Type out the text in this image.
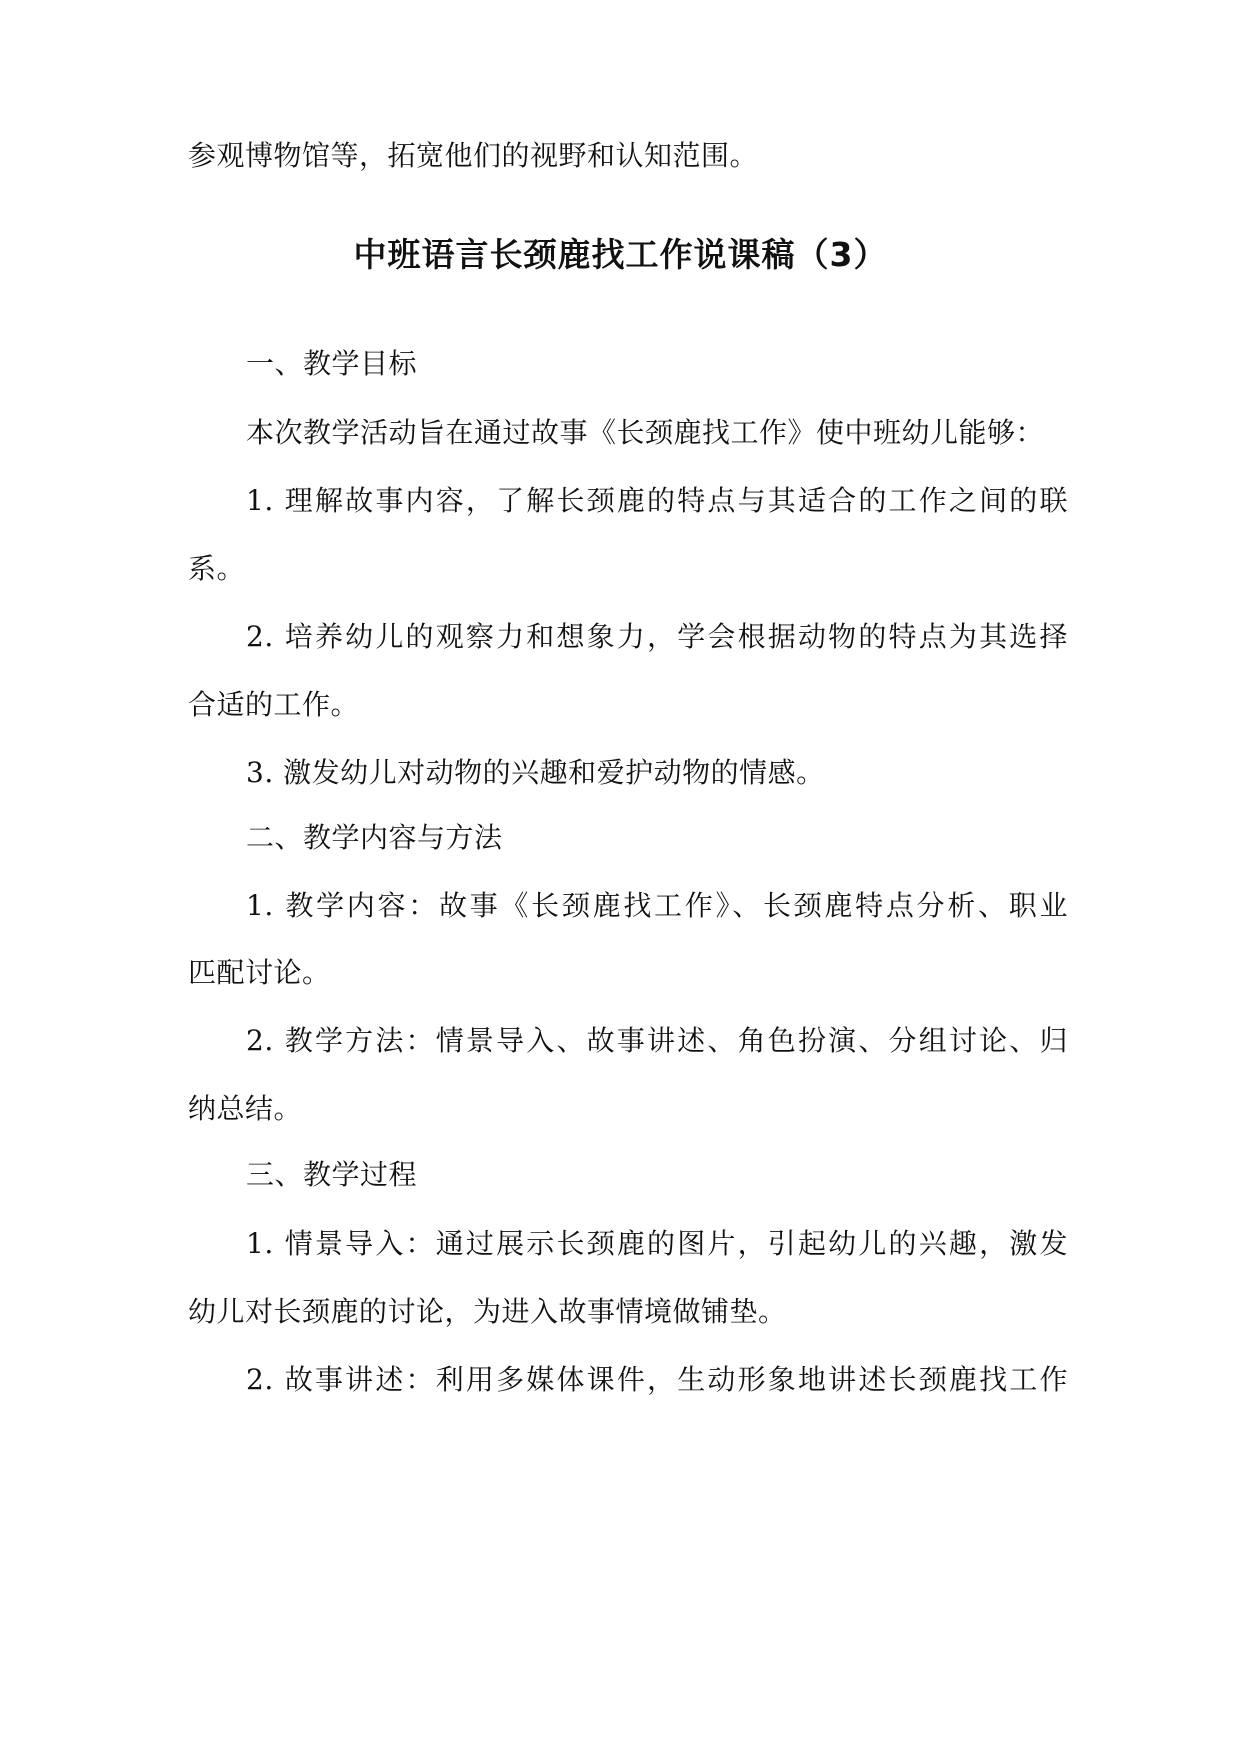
参观博物馆等，拓宽他们的视野和认知范围。
中班语言长颈鹿找工作说课稿（3）
一、教学目标
本次教学活动旨在通过故事《长颈鹿找工作》使中班幼儿能够：
1. 理解故事内容，了解长颈鹿的特点与其适合的工作之间的联
系。
2. 培养幼儿的观察力和想象力，学会根据动物的特点为其选择
合适的工作。
3. 激发幼儿对动物的兴趣和爱护动物的情感。
二、教学内容与方法
1. 教学内容：故事《长颈鹿找工作》、长颈鹿特点分析、职业
匹配讨论。
2. 教学方法：情景导入、故事讲述、角色扮演、分组讨论、归
纳总结。
三、教学过程
1. 情景导入：通过展示长颈鹿的图片，引起幼儿的兴趣，激发
幼儿对长颈鹿的讨论，为进入故事情境做铺垫。
2. 故事讲述：利用多媒体课件，生动形象地讲述长颈鹿找工作
